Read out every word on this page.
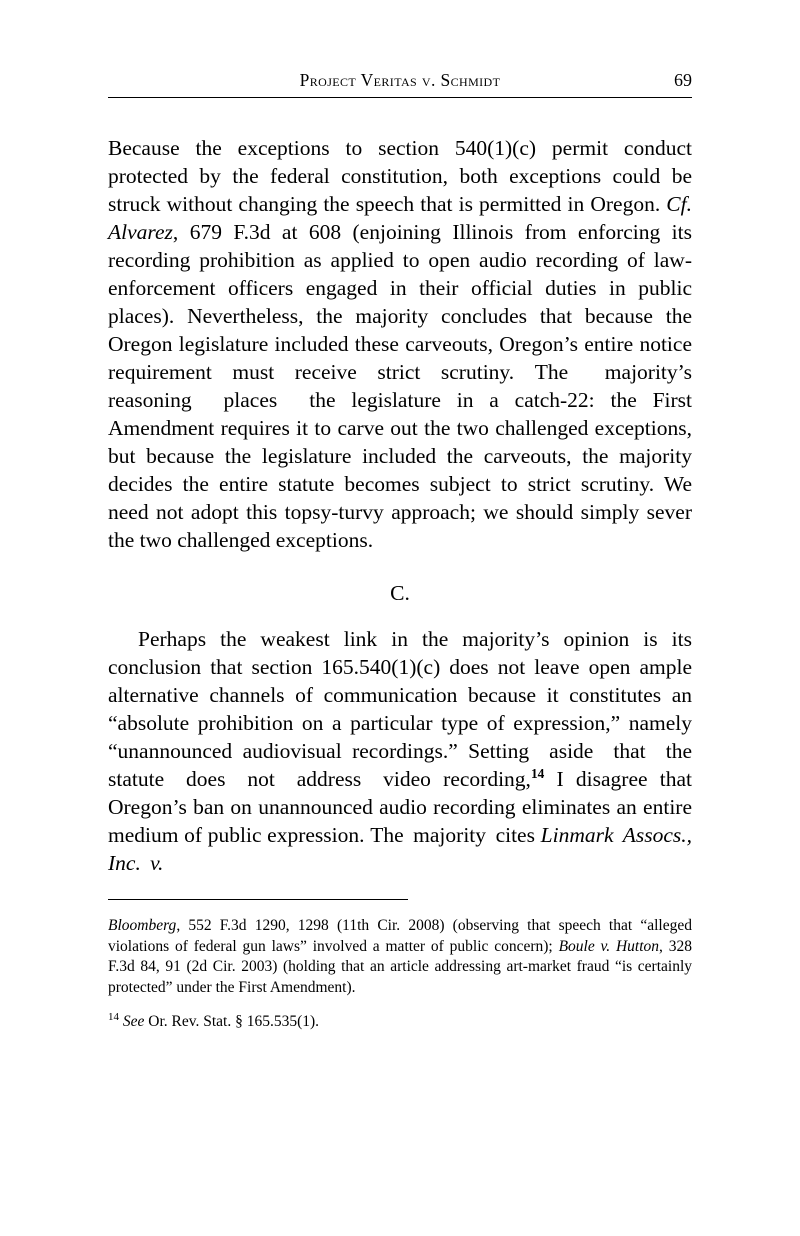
Project Veritas v. Schmidt	69

Because the exceptions to section 540(1)(c) permit conduct protected by the federal constitution, both exceptions could be struck without changing the speech that is permitted in Oregon. Cf. Alvarez, 679 F.3d at 608 (enjoining Illinois from enforcing its recording prohibition as applied to open audio recording of law-enforcement officers engaged in their official duties in public places). Nevertheless, the majority concludes that because the Oregon legislature included these carveouts, Oregon’s entire notice requirement must receive strict scrutiny. The majority’s reasoning places the legislature in a catch-22: the First Amendment requires it to carve out the two challenged exceptions, but because the legislature included the carveouts, the majority decides the entire statute becomes subject to strict scrutiny. We need not adopt this topsy-turvy approach; we should simply sever the two challenged exceptions.

C.

Perhaps the weakest link in the majority’s opinion is its conclusion that section 165.540(1)(c) does not leave open ample alternative channels of communication because it constitutes an “absolute prohibition on a particular type of expression,” namely “unannounced audiovisual recordings.” Setting aside that the statute does not address video recording,$^{14}$ I disagree that Oregon’s ban on unannounced audio recording eliminates an entire medium of public expression. The majority cites Linmark Assocs., Inc. v.

Bloomberg, 552 F.3d 1290, 1298 (11th Cir. 2008) (observing that speech that “alleged violations of federal gun laws” involved a matter of public concern); Boule v. Hutton, 328 F.3d 84, 91 (2d Cir. 2003) (holding that an article addressing art-market fraud “is certainly protected” under the First Amendment).

$^{14}$ See Or. Rev. Stat. § 165.535(1).
